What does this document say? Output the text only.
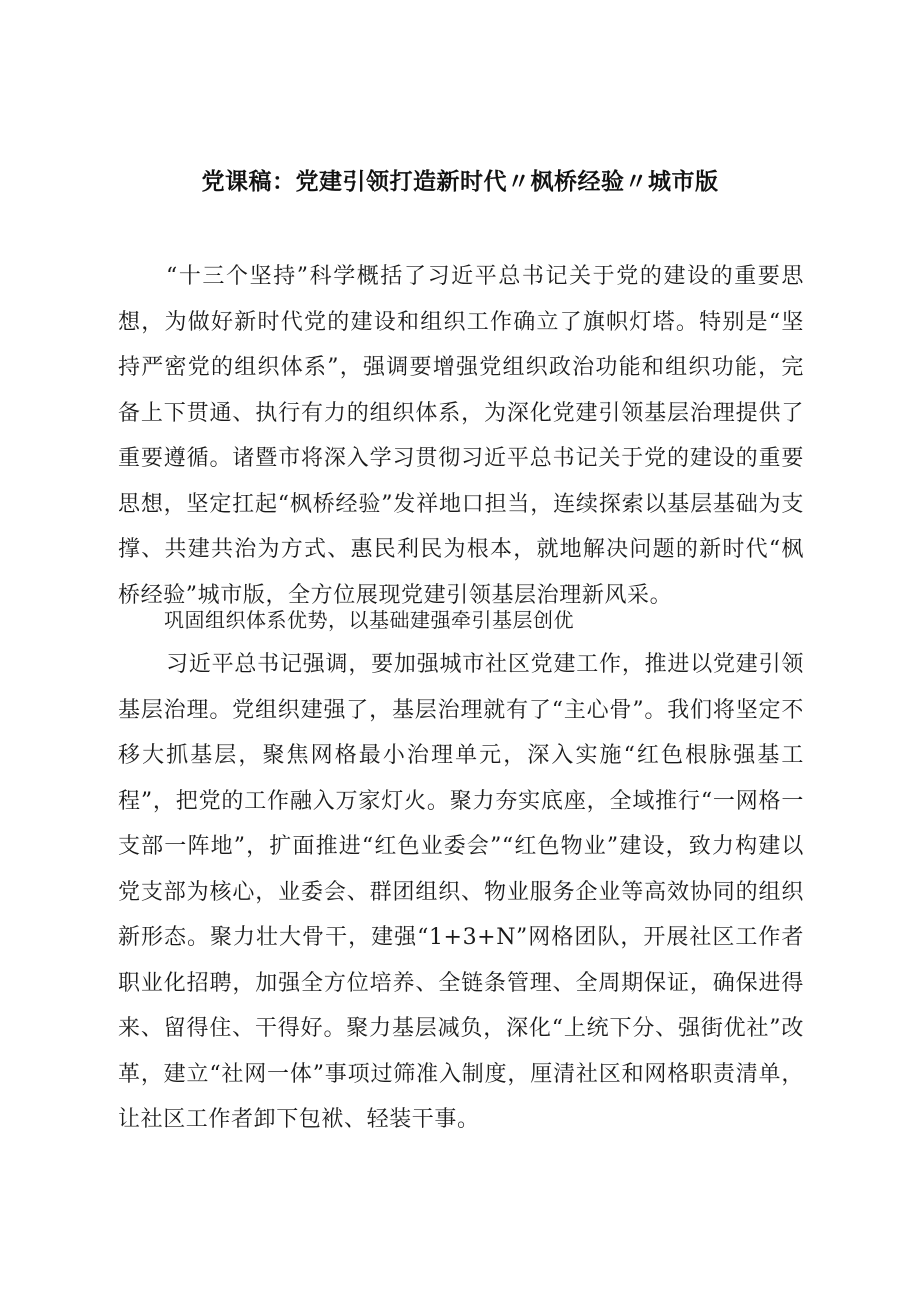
党课稿：党建引领打造新时代〃枫桥经验〃城市版

“十三个坚持”科学概括了习近平总书记关于党的建设的重要思想，为做好新时代党的建设和组织工作确立了旗帜灯塔。特别是“坚持严密党的组织体系”，强调要增强党组织政治功能和组织功能，完备上下贯通、执行有力的组织体系，为深化党建引领基层治理提供了重要遵循。诸暨市将深入学习贯彻习近平总书记关于党的建设的重要思想，坚定扛起“枫桥经验”发祥地口担当，连续探索以基层基础为支撑、共建共治为方式、惠民利民为根本，就地解决问题的新时代“枫桥经验”城市版，全方位展现党建引领基层治理新风采。

巩固组织体系优势，以基础建强牵引基层创优

习近平总书记强调，要加强城市社区党建工作，推进以党建引领基层治理。党组织建强了，基层治理就有了“主心骨”。我们将坚定不移大抓基层，聚焦网格最小治理单元，深入实施“红色根脉强基工程”，把党的工作融入万家灯火。聚力夯实底座，全域推行“一网格一支部一阵地”，扩面推进“红色业委会”“红色物业”建设，致力构建以党支部为核心，业委会、群团组织、物业服务企业等高效协同的组织新形态。聚力壮大骨干，建强“1+3+N”网格团队，开展社区工作者职业化招聘，加强全方位培养、全链条管理、全周期保证，确保进得来、留得住、干得好。聚力基层减负，深化“上统下分、强街优社”改革，建立“社网一体”事项过筛准入制度，厘清社区和网格职责清单，让社区工作者卸下包袱、轻装干事。
